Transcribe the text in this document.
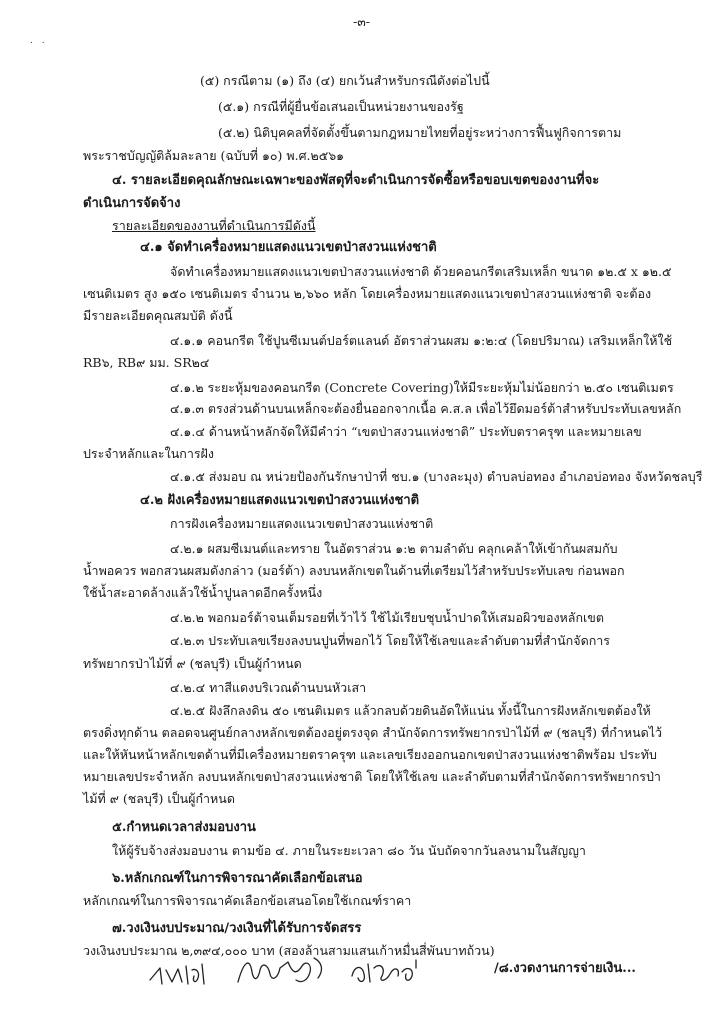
. .
-๓-
(๕) กรณีตาม (๑) ถึง (๔) ยกเว้นสำหรับกรณีดังต่อไปนี้
(๕.๑) กรณีที่ผู้ยื่นข้อเสนอเป็นหน่วยงานของรัฐ
(๕.๒) นิติบุคคลที่จัดตั้งขึ้นตามกฎหมายไทยที่อยู่ระหว่างการฟื้นฟูกิจการตาม
พระราชบัญญัติล้มละลาย (ฉบับที่ ๑๐) พ.ศ.๒๕๖๑
๔. รายละเอียดคุณลักษณะเฉพาะของพัสดุที่จะดำเนินการจัดซื้อหรือขอบเขตของงานที่จะ
ดำเนินการจัดจ้าง
รายละเอียดของงานที่ดำเนินการมีดังนี้
๔.๑ จัดทำเครื่องหมายแสดงแนวเขตป่าสงวนแห่งชาติ
จัดทำเครื่องหมายแสดงแนวเขตป่าสงวนแห่งชาติ ด้วยคอนกรีตเสริมเหล็ก ขนาด ๑๒.๕ x ๑๒.๕
เซนติเมตร สูง ๑๕๐ เซนติเมตร จำนวน ๒,๖๖๐ หลัก โดยเครื่องหมายแสดงแนวเขตป่าสงวนแห่งชาติ จะต้อง
มีรายละเอียดคุณสมบัติ ดังนี้
๔.๑.๑ คอนกรีต ใช้ปูนซีเมนต์ปอร์ตแลนด์ อัตราส่วนผสม ๑:๒:๔ (โดยปริมาณ) เสริมเหล็กให้ใช้
RB๖, RB๙ มม. SR๒๔
๔.๑.๒ ระยะหุ้มของคอนกรีต (Concrete Covering)ให้มีระยะหุ้มไม่น้อยกว่า ๒.๕๐ เซนติเมตร
๔.๑.๓ ตรงส่วนด้านบนเหล็กจะต้องยื่นออกจากเนื้อ ค.ส.ล เพื่อไว้ยึดมอร์ต้าสำหรับประทับเลขหลัก
๔.๑.๔ ด้านหน้าหลักจัดให้มีคำว่า “เขตป่าสงวนแห่งชาติ” ประทับตราครุฑ และหมายเลข
ประจำหลักและในการฝัง
๔.๑.๕ ส่งมอบ ณ หน่วยป้องกันรักษาป่าที่ ชบ.๑ (บางละมุง) ตำบลบ่อทอง อำเภอบ่อทอง จังหวัดชลบุรี
๔.๒ ฝังเครื่องหมายแสดงแนวเขตป่าสงวนแห่งชาติ
การฝังเครื่องหมายแสดงแนวเขตป่าสงวนแห่งชาติ
๔.๒.๑ ผสมซีเมนต์และทราย ในอัตราส่วน ๑:๒ ตามลำดับ คลุกเคล้าให้เข้ากันผสมกับ
น้ำพอควร พอกสวนผสมดังกล่าว (มอร์ต้า) ลงบนหลักเขตในด้านที่เตรียมไว้สำหรับประทับเลข ก่อนพอก
ใช้น้ำสะอาดล้างแล้วใช้น้ำปูนลาดอีกครั้งหนึ่ง
๔.๒.๒ พอกมอร์ต้าจนเต็มรอยที่เว้าไว้ ใช้ไม้เรียบชุบน้ำปาดให้เสมอผิวของหลักเขต
๔.๒.๓ ประทับเลขเรียงลงบนปูนที่พอกไว้ โดยให้ใช้เลขและลำดับตามที่สำนักจัดการ
ทรัพยากรป่าไม้ที่ ๙ (ชลบุรี) เป็นผู้กำหนด
๔.๒.๔ ทาสีแดงบริเวณด้านบนหัวเสา
๔.๒.๕ ฝังลึกลงดิน ๕๐ เซนติเมตร แล้วกลบด้วยดินอัดให้แน่น ทั้งนี้ในการฝังหลักเขตต้องให้
ตรงดิ่งทุกด้าน ตลอดจนศูนย์กลางหลักเขตต้องอยู่ตรงจุด สำนักจัดการทรัพยากรป่าไม้ที่ ๙ (ชลบุรี) ที่กำหนดไว้
และให้หันหน้าหลักเขตด้านที่มีเครื่องหมายตราครุฑ และเลขเรียงออกนอกเขตป่าสงวนแห่งชาติพร้อม ประทับ
หมายเลขประจำหลัก ลงบนหลักเขตป่าสงวนแห่งชาติ โดยให้ใช้เลข และลำดับตามที่สำนักจัดการทรัพยากรป่า
ไม้ที่ ๙ (ชลบุรี) เป็นผู้กำหนด
๕.กำหนดเวลาส่งมอบงาน
ให้ผู้รับจ้างส่งมอบงาน ตามข้อ ๔. ภายในระยะเวลา ๘๐ วัน นับถัดจากวันลงนามในสัญญา
๖.หลักเกณฑ์ในการพิจารณาคัดเลือกข้อเสนอ
หลักเกณฑ์ในการพิจารณาคัดเลือกข้อเสนอโดยใช้เกณฑ์ราคา
๗.วงเงินงบประมาณ/วงเงินที่ได้รับการจัดสรร
วงเงินงบประมาณ ๒,๓๙๔,๐๐๐ บาท (สองล้านสามแสนเก้าหมื่นสี่พันบาทถ้วน)
/๘.งวดงานการจ่ายเงิน...
